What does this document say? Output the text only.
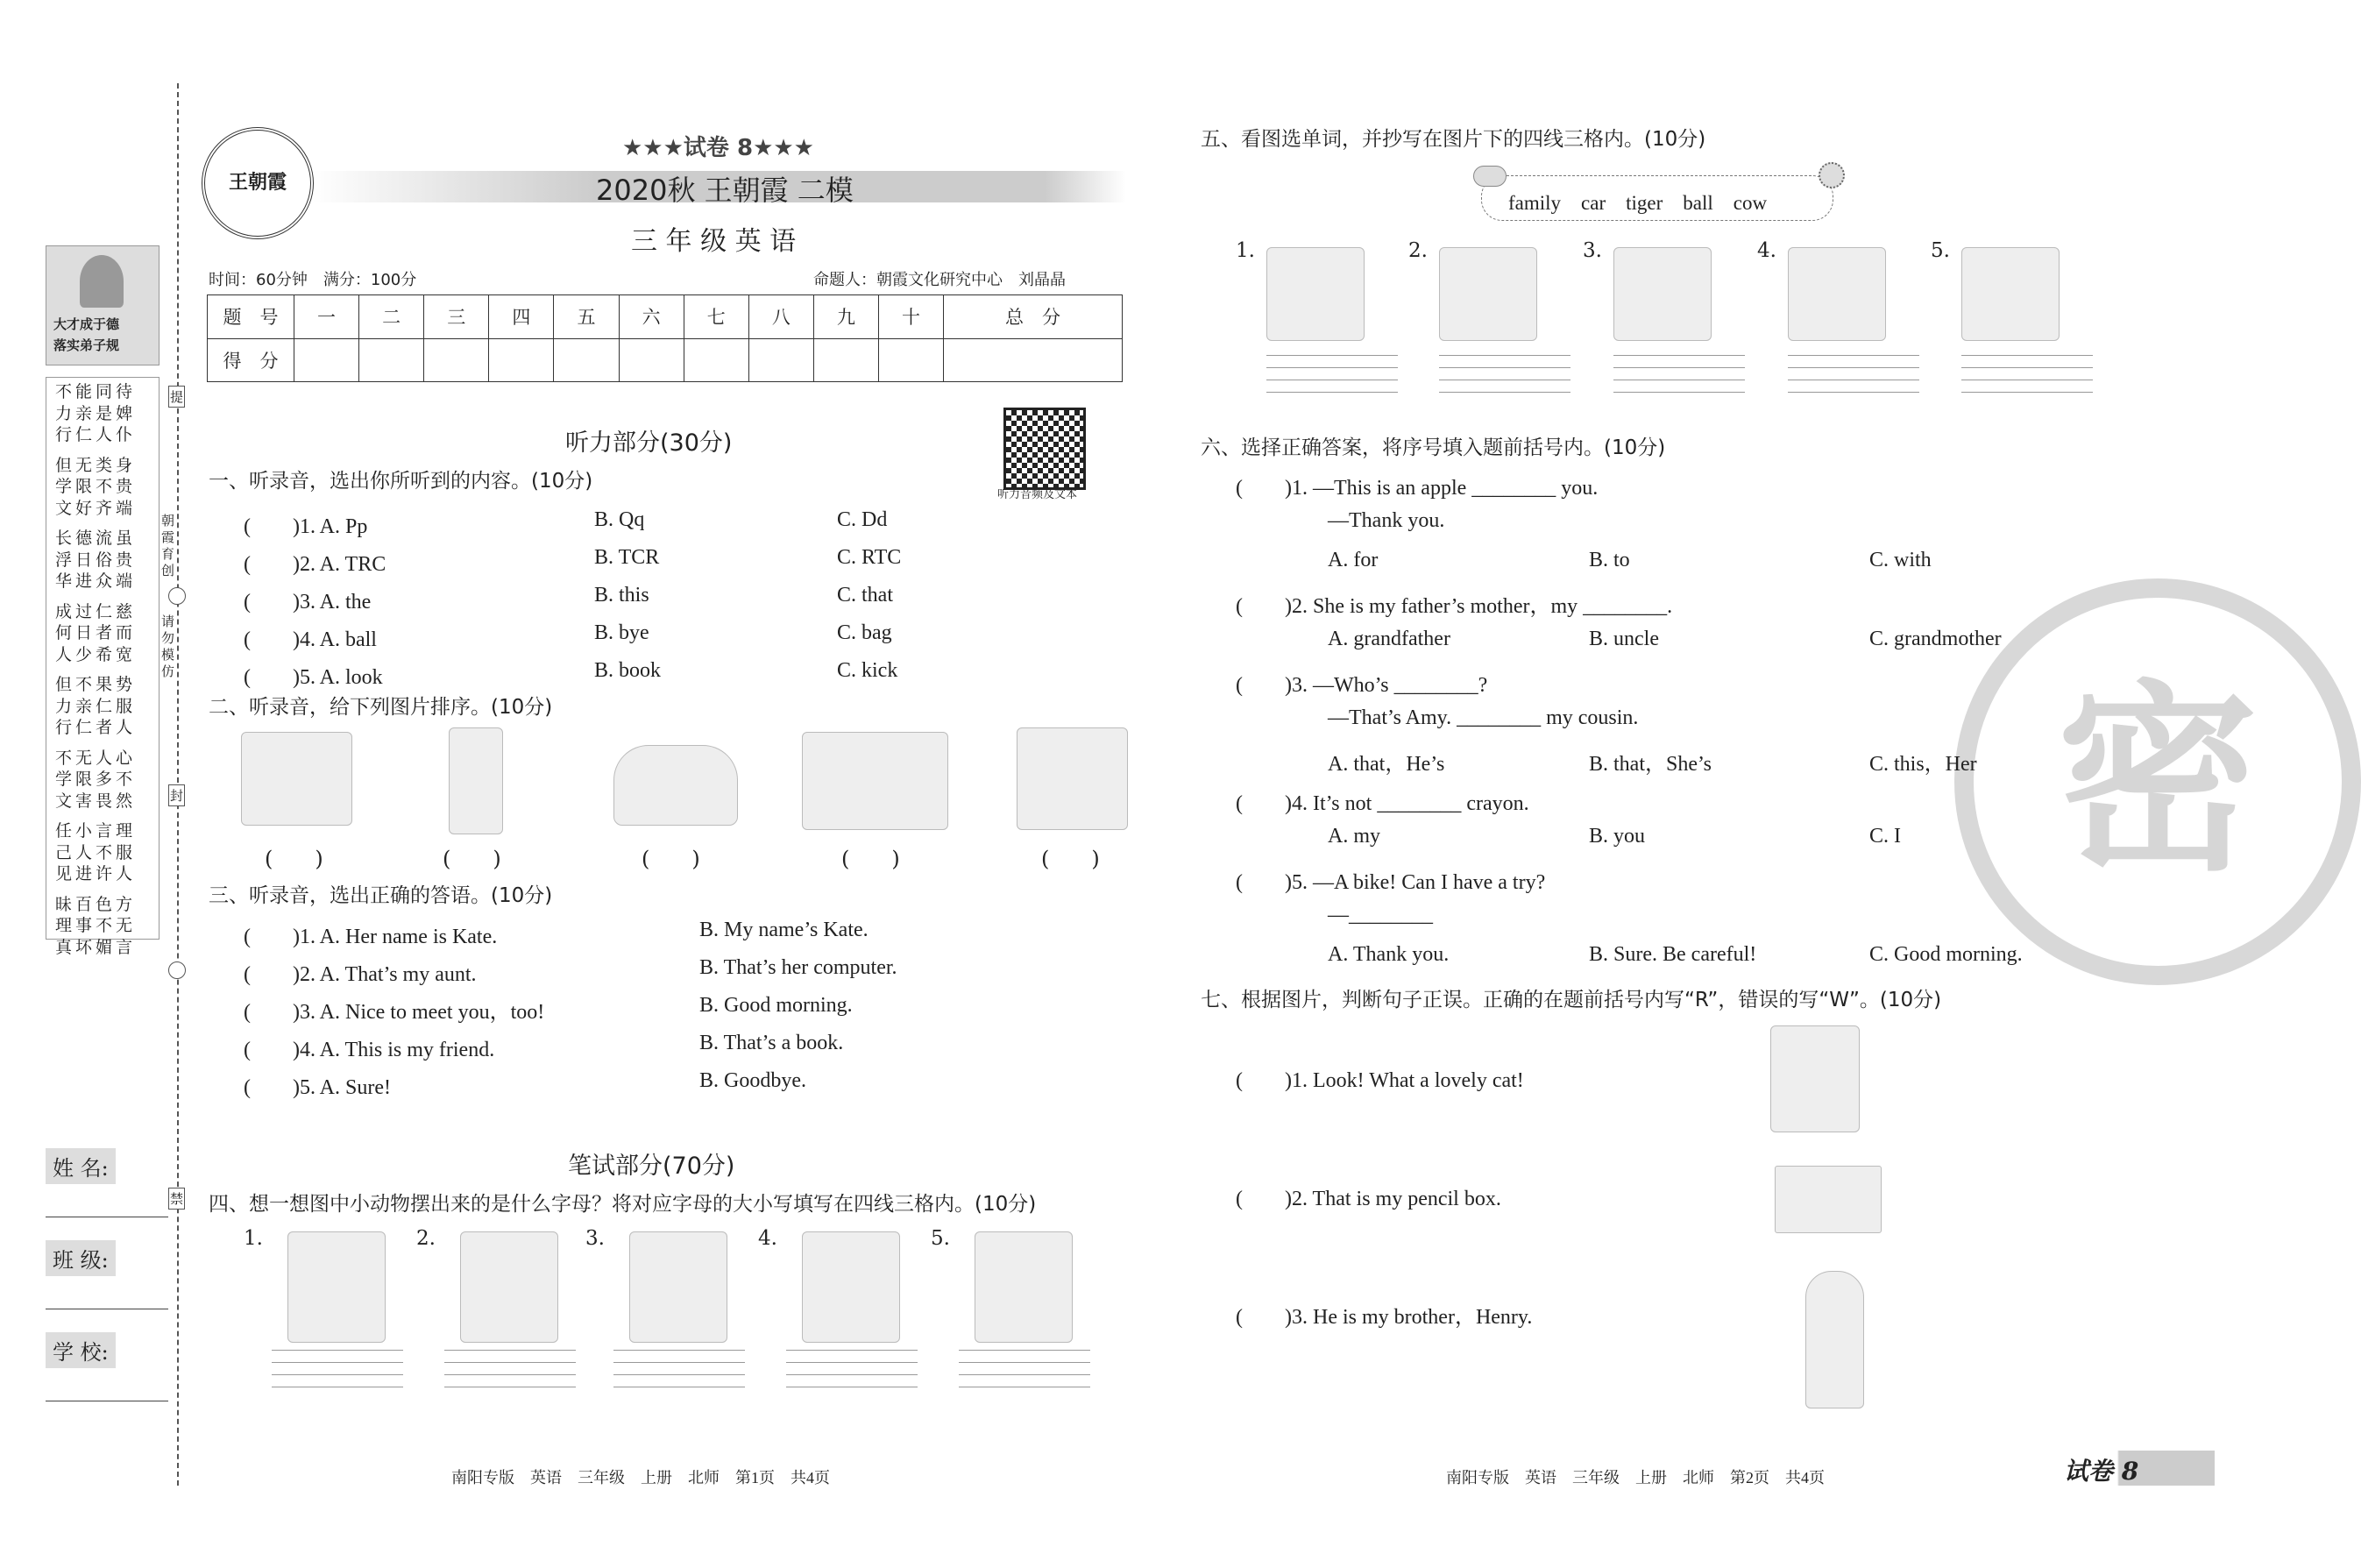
大才成于德
落实弟子规
不能同待
力亲是婢
行仁人仆
但无类身
学限不贵
文好齐端
长德流虽
浮日俗贵
华进众端
成过仁慈
何日者而
人少希宽
但不果势
力亲仁服
行仁者人
不无人心
学限多不
文害畏然
任小言理
己人不服
见进许人
昧百色方
理事不无
真坏媚言
提
朝霞育创
请勿模仿
封
禁
姓 名:
班 级:
学 校:
王朝霞
★★★试卷 8★★★
2020秋 王朝霞 二模
三 年 级 英 语
时间：60分钟　满分：100分	命题人：朝霞文化研究中心　刘晶晶
题　号	一	二	三	四	五	六	七	八	九	十	总　分
得　分											
听力音频及文本
听力部分(30分)
一、听录音，选出你所听到的内容。(10分)
二、听录音，给下列图片排序。(10分)
(　　)	(　　)	(　　)	(　　)	(　　)
三、听录音，选出正确的答语。(10分)
笔试部分(70分)
四、想一想图中小动物摆出来的是什么字母？将对应字母的大小写填写在四线三格内。(10分)
五、看图选单词，并抄写在图片下的四线三格内。(10分)
family　car　tiger　ball　cow
六、选择正确答案，将序号填入题前括号内。(10分)
七、根据图片，判断句子正误。正确的在题前括号内写“R”，错误的写“W”。(10分)
(　　)1. Look! What a lovely cat!
(　　)2. That is my pencil box.
(　　)3. He is my brother，Henry.
密
南阳专版　英语　三年级　上册　北师　第1页　共4页	南阳专版　英语　三年级　上册　北师　第2页　共4页	试卷 8
(　　)1. A. Pp	B. Qq	C. Dd
(　　)2. A. TRC	B. TCR	C. RTC
(　　)3. A. the	B. this	C. that
(　　)4. A. ball	B. bye	C. bag
(　　)5. A. look	B. book	C. kick
(　　)1. A. Her name is Kate.	B. My name’s Kate.
(　　)2. A. That’s my aunt.	B. That’s her computer.
(　　)3. A. Nice to meet you，too!	B. Good morning.
(　　)4. A. This is my friend.	B. That’s a book.
(　　)5. A. Sure!	B. Goodbye.
1.	2.	3.	4.	5.
1.	2.	3.	4.	5.
(　　)1. —This is an apple ________ you.
—Thank you.
A. for	B. to	C. with
(　　)2. She is my father’s mother，my ________.
A. grandfather	B. uncle	C. grandmother
(　　)3. —Who’s ________?
—That’s Amy. ________ my cousin.
A. that，He’s	B. that，She’s	C. this，Her
(　　)4. It’s not ________ crayon.
A. my	B. you	C. I
(　　)5. —A bike! Can I have a try?
—________
A. Thank you.	B. Sure. Be careful!	C. Good morning.
